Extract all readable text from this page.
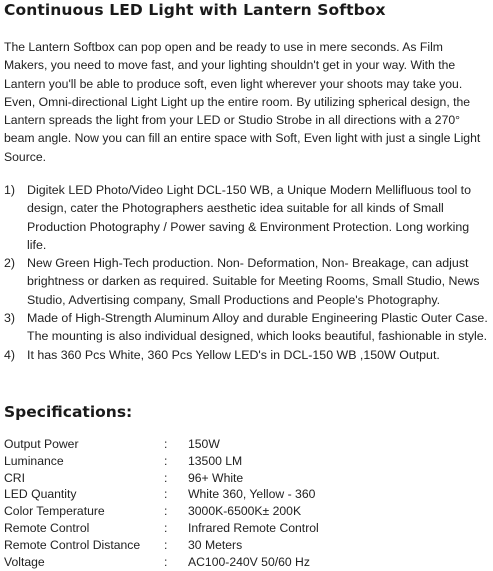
Continuous LED Light with Lantern Softbox

The Lantern Softbox can pop open and be ready to use in mere seconds. As Film Makers, you need to move fast, and your lighting shouldn't get in your way. With the Lantern you'll be able to produce soft, even light wherever your shoots may take you. Even, Omni-directional Light Light up the entire room. By utilizing spherical design, the Lantern spreads the light from your LED or Studio Strobe in all directions with a 270° beam angle. Now you can fill an entire space with Soft, Even light with just a single Light Source.

1) Digitek LED Photo/Video Light DCL-150 WB, a Unique Modern Mellifluous tool to design, cater the Photographers aesthetic idea suitable for all kinds of Small Production Photography / Power saving & Environment Protection. Long working life.
2) New Green High-Tech production. Non- Deformation, Non- Breakage, can adjust brightness or darken as required. Suitable for Meeting Rooms, Small Studio, News Studio, Advertising company, Small Productions and People's Photography.
3) Made of High-Strength Aluminum Alloy and durable Engineering Plastic Outer Case. The mounting is also individual designed, which looks beautiful, fashionable in style.
4) It has 360 Pcs White, 360 Pcs Yellow LED's in DCL-150 WB ,150W Output.
Specifications:
Output Power	:	150W
Luminance	:	13500 LM
CRI	:	96+ White
LED Quantity	:	White 360, Yellow - 360
Color Temperature	:	3000K-6500K± 200K
Remote Control	:	Infrared Remote Control
Remote Control Distance	:	30 Meters
Voltage	:	AC100-240V 50/60 Hz
